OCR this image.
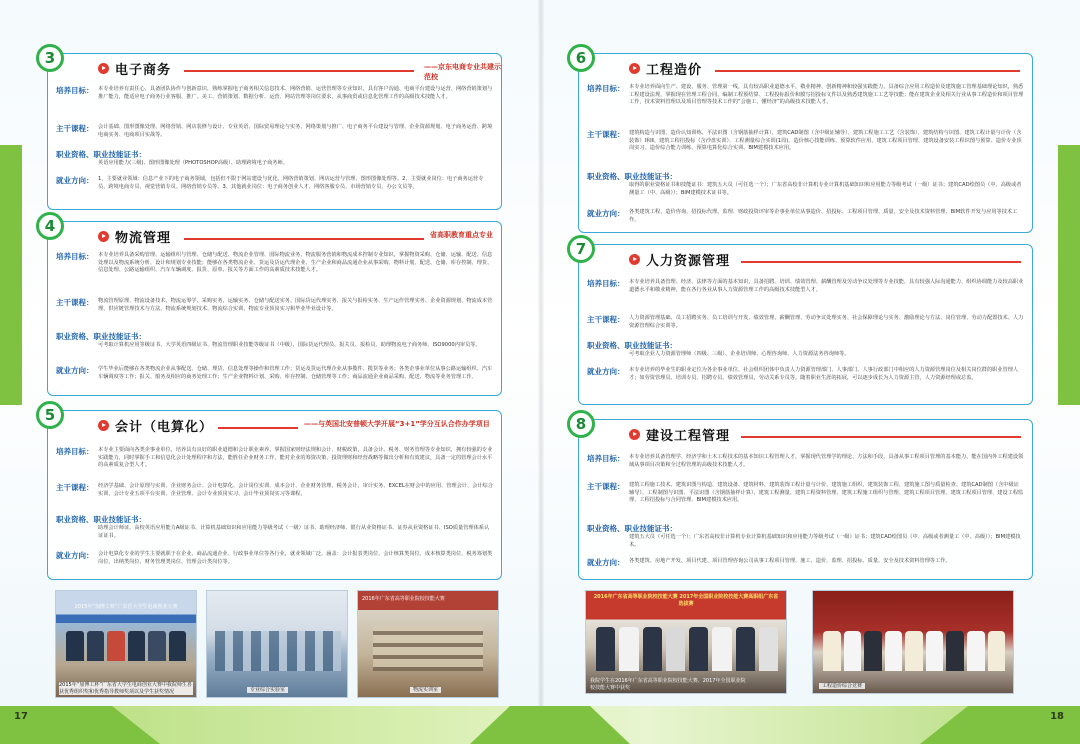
17	18
3
电子商务	——京东电商专业共建示范校
培养目标： 本专业培养有责任心，具备团队协作与创新意识，熟练掌握电子商务相关信息技术、网络营销、运营管理等专业知识，具有客户沟通、电商平台建设与运营、网络营销策划与推广能力，能适应电子商务行业客服、推广、美工、营销策划、数据分析、运营、网站管理等岗位要求，从事商贸或信息化管理工作的高级技术技能人才。
主干课程： 会计基础、图形图像处理、网络营销、网店装修与设计、专业英语、国际贸易理论与实务、网络策划与推广、电子商务平台建设与管理、企业资源规划、电子商务运营、跨境电商实务、电商项目实战等。
职业资格、职业技能证书：
英语应用能力(三级)、图形图像处理（PHOTOSHOP高级）、助理跨境电子商务师。
就业方向： 1、主要就业领域：信息产业下的电子商务领域，包括但不限于网站建设与优化、网络营销策划、网店运营与管理、图形图像处理等。2、主要就业岗位：电子商务运营专员、跨境电商专员、视觉营销专员、网络营销专员等。3、其他就业岗位：电子商务创业人才、网络客服专员、市场营销专员、办公文员等。
4
物流管理	省高职教育重点专业
培养目标： 本专业培养具备采购管理、运输组织与管理、仓储与配送、物流企业管理、国际物流业务、物流服务营销和物流成本控制专业知识，掌握物资采购、仓储、运输、配送、信息处理以及物流系统分析、设计和规划专业技能；能够在各类物流企业、货运及货运代理企业、生产企业和商品流通企业从事采购、物料计划、配送、仓储、库存控制、理货、信息处理、公路运输组织、汽车车辆调度、报货、原单、报关等方面工作的高素质技术技能人才。
主干课程： 物流管理原理、物流设备技术、物流运筹学、采购实务、运输实务、仓储与配送实务、国际货运代理实务、报关与报检实务、生产运作管理实务、企业资源规划、物流成本管理、供应链管理技术与方法、物流系统规划技术、物流综合实训、物流专业顶岗实习和毕业毕业设计等。
职业资格、职业技能证书：
可考取计算机应用等级证书、大学英语四级证书、物流管理职业技能等级证书（中级）、国际货运代理员、报关员、报检员、助理物流电子商务师、ISO9000内审员等。
就业方向： 学生毕业后能够在各类物流企业从事配送、仓储、理货、信息处理等操作和管理工作；货运及货运代理企业从事揽件、揽货等业务；各类企事业单位从事公路运输组织、汽车车辆调度等工作；报关、船务及相应的商务处理工作；生产企业物料计划、采购、库存控制、仓储管理等工作；商品流通企业商品采购、配送、物流等业务管理工作。
5
会计（电算化）	——与英国北安普顿大学开展“3+1”学分互认合作办学项目
培养目标： 本专业主要面向各类企事业单位，培养具有良好的职业道德和会计职业素养，掌握国家财经法规和会计、财税政策，具备会计、税务、财务管理等专业知识，拥有较强的专业实践能力，同时掌握手工和信息化会计处理程序和方法，能胜任企业财务工作，能对企业的筹资决策，投资理财和经营战略等做出分析和有效建议，具备一定的管理会计水平的高素质复合型人才。
主干课程： 经济学基础、会计原理与实训、企业财务会计、会计电算化、会计岗位实训、成本会计、企业财务管理、税务会计、审计实务、EXCEL在财会中的应用、管理会计、会计综合实训、会计专业五项平台实训、企业管理、会计专业顶岗实习、会计毕业顶岗实习等课程。
职业资格、职业技能证书：
助理会计师证、高校英语应用能力A级证书、计算机基础知识和应用能力等级考试（一级）证书、助理经济师、银行从业资格证书、证券从业资格证书、ISO质量管理体系认证证书。
就业方向： 会计电算化专业的学生主要就职于在企业、商品流通企业、行政事业单位等各行业，就业领域广泛，涵盖：会计报表类岗位、会计核算类岗位、成本核算类岗位、税务筹划类岗位、出纳类岗位、财务管理类岗位、管理会计类岗位等。
6
工程造价
培养目标： 本专业培养面向生产、建设、服务、管理第一线，具有较高职业道德水平，敬业精神、创新精神和较强实践能力，具备综合应用工程造价及建筑施工管理基础理论知识，熟悉工程建设法规，掌握现在管理工程合同、编制工程预结算、工程投标报价和膜写招投标文件以及熟悉建筑施工工艺等技能；能在建筑企业及相关行业从事工程造价和项目管理工作，技术资料管理以及项目管理等技术工作的“会施工、懂经济”的高级技术技能人才。
主干课程： 建筑构造与识图、造价认知训练、平法识图（含钢筋抽样计算）、建筑CAD制图（含中级证辅导）、建筑工程施工工艺（含装饰）、建筑结构与识图、建筑工程计量与计价（含装饰）Ⅰ和Ⅱ、建筑工程招投标（含沙盘实训）、工程测量综合实训(1周)、造价核心技能训练、预算软件应用、建筑工程项目管理、建筑设备安装工程识图与预算、造价专业顶岗实习、造价综合能力训练、预算电算化综合实训、BIM建模技术应用。
职业资格、职业技能证书：
取得的职业资格证书和技能证书：建筑五大员（可任选一个）；广东省高校非计算机专业计算机基础知识和应用能力等级考试（一级）证书；建筑CAD绘图员（中、高级或者测量工（中、高级））；BIM建模技术证书等。
就业方向： 各类建筑工程、造价咨询、招投标代理、监理、财政投资评审等企事业单位从事造价、招投标、工程项目管理、质量、安全及技术资料管理、BIM软件开发与应用等技术工作。
7
人力资源管理
培养目标： 本专业培养具备管理、经济、法律等方面的基本知识，具备招聘、培训、绩效管理、薪酬管理及劳动争议处理等专业技能，具有较强人际沟通能力、组织协调能力及较高职业道德水平和敬业精神，能在各行各业从事人力资源管理工作的高级技术技能型人才。
主干课程： 人力资源管理基础、员工招聘实务、员工培训与开发、绩效管理、薪酬管理、劳动争议处理实务、社会保障理论与实务、激励理论与方法、岗位管理、劳动力配置技术、人力资源管理综合实训等。
职业资格、职业技能证书：
可考取企业人力资源管理师（四级、三级）、企业培训师、心理咨询师、人力资源法务咨询师等。
就业方向： 本专业培养的毕业生的职业定位为各企事业单位、社会组织团体中负责人力资源管理部门、人事部门、人事行政部门中相应的人力资源管理岗位及相关岗位群的职业管理人才；如劳资管理员、培训专员、招聘专员、绩效管理员、劳动关系专员等。随着职业生涯的拓展，可以逐步成长为人力资源主管，人力资源经理或总监。
8
建设工程管理
培养目标： 本专业培养具备管理学、经济学和土木工程技术的基本知识工程管理人才，掌握现代管理学的理论、方法和手段，具备从事工程项目管理的基本能力，能在国内外工程建设领域从事项目决策和全过程管理的高级技术技能人才。
主干课程： 建筑工程施工技术、建筑识图与构造、建筑设备、建筑材料、建筑装饰工程计量与计价、建筑施工组织、建筑装饰工程、建筑施工图与质量检查、建筑CAD制图（含中级证辅导）、工程制图与识图、平法识图（含钢筋抽样计算）、建筑工程测量、建筑工程资料管理、建筑工程施工组织与管理、建筑工程项目管理、建筑工程项目管理、建设工程监理、工程招投标与合同管理、BIM建模技术应用。
职业资格、职业技能证书：
建筑五大员（可任选一个）；广东省高校非计算机专业计算机基础知识和应用能力等级考试（一级）证书；建筑CAD绘图员（中、高级或者测量工（中、高级））；BIM建模技术。
就业方向： 各类建筑、房地产开发、项目代建、项目管理咨询公司从事工程项目管理、施工、造价、监理、招投标、质量、安全及技术资料管理等工作。
2015年“加博工杯”广东省大学生电商创业大赛
2015年“加博工杯”广东省大学生电商创业大赛中我院师生喜获优秀组织奖和优秀指导教师奖项以及学生获奖情况	专业综合实验室
2016年广东省高等职业院校技能大赛
物流实训室
2016年广东省高等职业院校技能大赛 2017年全国职业院校技能大赛高职组广东省选拔赛
我院学生在2016年广东省高等职业院校技能大赛、2017年全国职业院校技能大赛中获奖	工程造价综合竞赛
